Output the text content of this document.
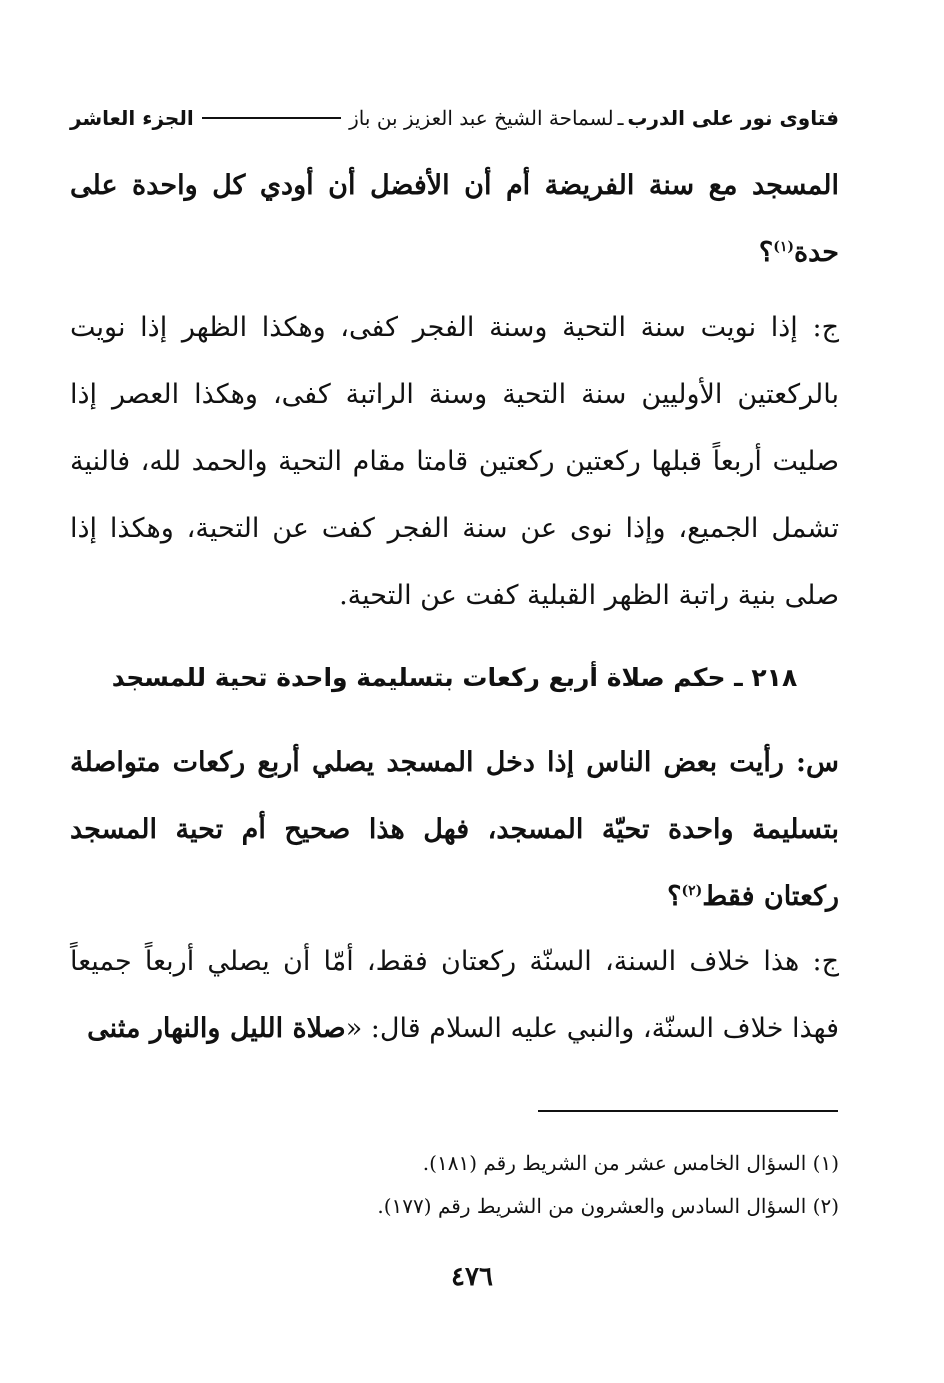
فتاوى نور على الدرب
ـ
لسماحة الشيخ عبد العزيز بن باز
الجزء العاشر
المسجد مع سنة الفريضة أم أن الأفضل أن أودي كل واحدة على حدة$^{(١)}$؟
ج: إذا نويت سنة التحية وسنة الفجر كفى، وهكذا الظهر إذا نويت بالركعتين الأوليين سنة التحية وسنة الراتبة كفى، وهكذا العصر إذا صليت أربعاً قبلها ركعتين ركعتين قامتا مقام التحية والحمد لله، فالنية تشمل الجميع، وإذا نوى عن سنة الفجر كفت عن التحية، وهكذا إذا صلى بنية راتبة الظهر القبلية كفت عن التحية.
٢١٨ ـ حكم صلاة أربع ركعات بتسليمة واحدة تحية للمسجد
س: رأيت بعض الناس إذا دخل المسجد يصلي أربع ركعات متواصلة بتسليمة واحدة تحيّة المسجد، فهل هذا صحيح أم تحية المسجد ركعتان فقط$^{(٢)}$؟
ج: هذا خلاف السنة، السنّة ركعتان فقط، أمّا أن يصلي أربعاً جميعاً فهذا خلاف السنّة، والنبي عليه السلام قال: «صلاة الليل والنهار مثنى
(١) السؤال الخامس عشر من الشريط رقم (١٨١).
(٢) السؤال السادس والعشرون من الشريط رقم (١٧٧).
٤٧٦
